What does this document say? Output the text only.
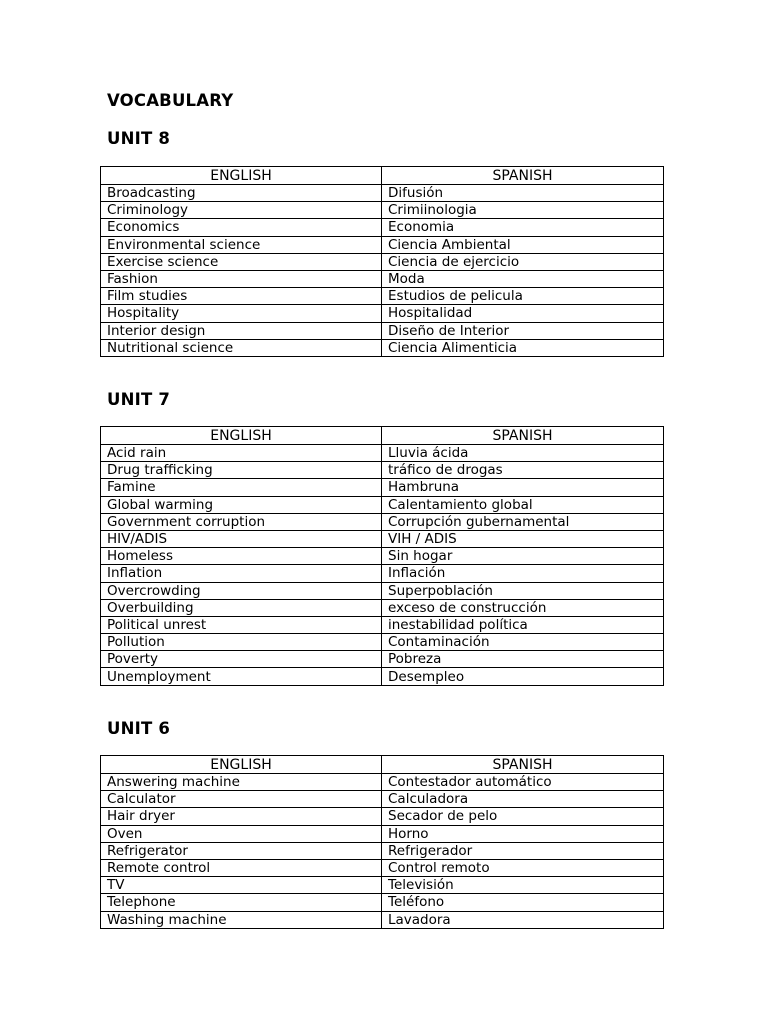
VOCABULARY
UNIT 8
ENGLISH	SPANISH
Broadcasting	Difusión
Criminology	Crimiinologia
Economics	Economia
Environmental science	Ciencia Ambiental
Exercise science	Ciencia de ejercicio
Fashion	Moda
Film studies	Estudios de pelicula
Hospitality	Hospitalidad
Interior design	Diseño de Interior
Nutritional science	Ciencia Alimenticia
UNIT 7
ENGLISH	SPANISH
Acid rain	Lluvia ácida
Drug trafficking	tráfico de drogas
Famine	Hambruna
Global warming	Calentamiento global
Government corruption	Corrupción gubernamental
HIV/ADIS	VIH / ADIS
Homeless	Sin hogar
Inflation	Inflación
Overcrowding	Superpoblación
Overbuilding	exceso de construcción
Political unrest	inestabilidad política
Pollution	Contaminación
Poverty	Pobreza
Unemployment	Desempleo
UNIT 6
ENGLISH	SPANISH
Answering machine	Contestador automático
Calculator	Calculadora
Hair dryer	Secador de pelo
Oven	Horno
Refrigerator	Refrigerador
Remote control	Control remoto
TV	Televisión
Telephone	Teléfono
Washing machine	Lavadora
